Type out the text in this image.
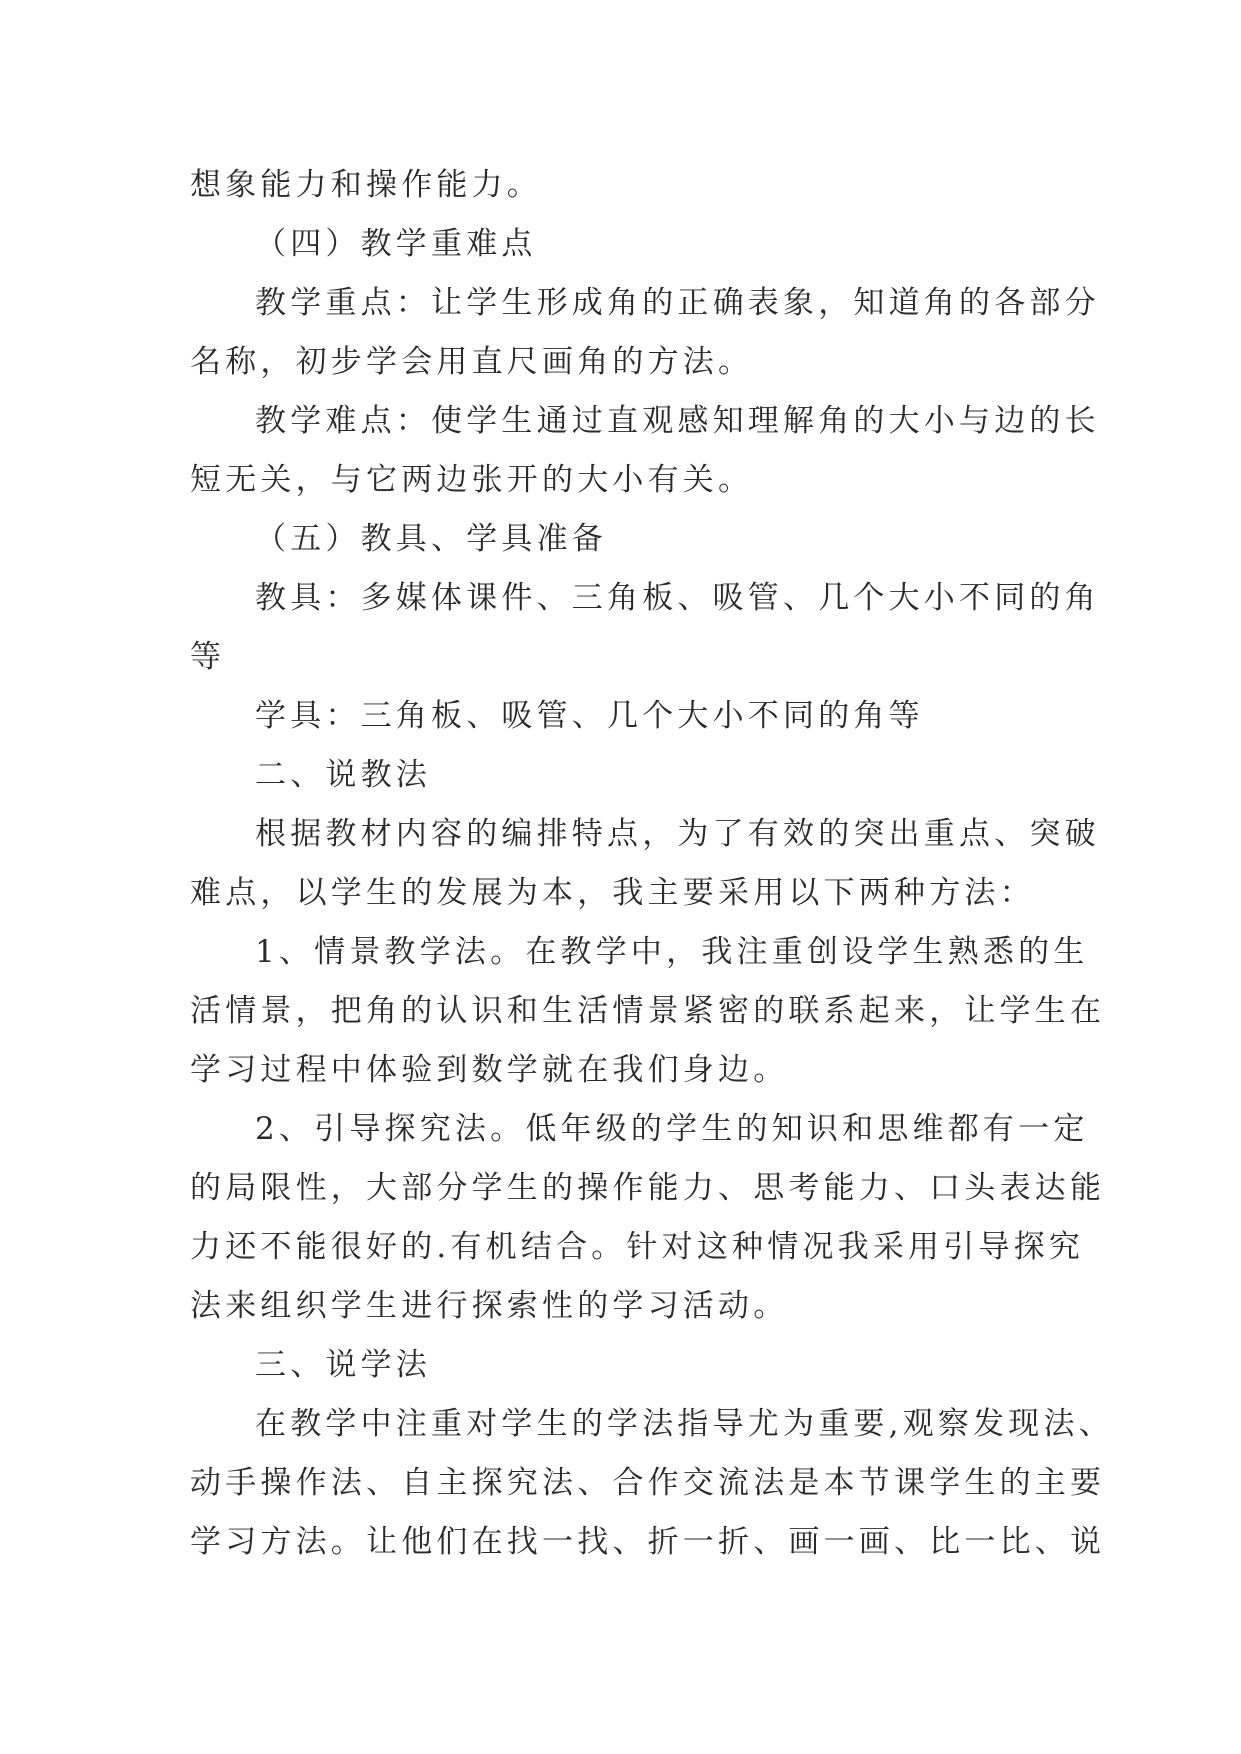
想象能力和操作能力。
（四）教学重难点
教学重点：让学生形成角的正确表象，知道角的各部分
名称，初步学会用直尺画角的方法。
教学难点：使学生通过直观感知理解角的大小与边的长
短无关，与它两边张开的大小有关。
（五）教具、学具准备
教具：多媒体课件、三角板、吸管、几个大小不同的角
等
学具：三角板、吸管、几个大小不同的角等
二、说教法
根据教材内容的编排特点，为了有效的突出重点、突破
难点，以学生的发展为本，我主要采用以下两种方法：
1、情景教学法。在教学中，我注重创设学生熟悉的生
活情景，把角的认识和生活情景紧密的联系起来，让学生在
学习过程中体验到数学就在我们身边。
2、引导探究法。低年级的学生的知识和思维都有一定
的局限性，大部分学生的操作能力、思考能力、口头表达能
力还不能很好的.有机结合。针对这种情况我采用引导探究
法来组织学生进行探索性的学习活动。
三、说学法
在教学中注重对学生的学法指导尤为重要,观察发现法、
动手操作法、自主探究法、合作交流法是本节课学生的主要
学习方法。让他们在找一找、折一折、画一画、比一比、说
